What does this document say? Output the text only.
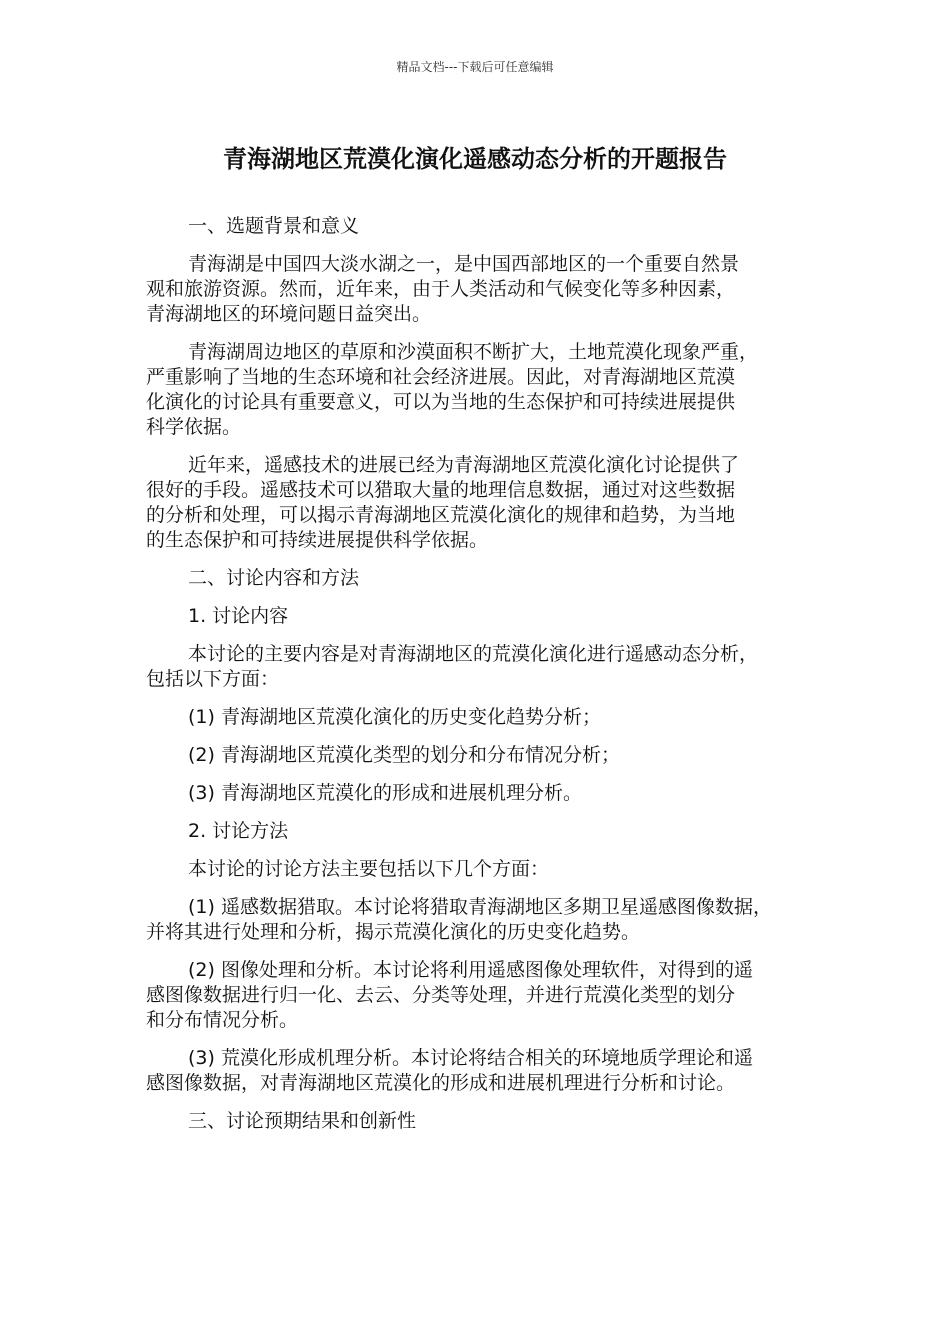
精品文档---下载后可任意编辑
青海湖地区荒漠化演化遥感动态分析的开题报告

一、选题背景和意义

青海湖是中国四大淡水湖之一，是中国西部地区的一个重要自然景
观和旅游资源。然而，近年来，由于人类活动和气候变化等多种因素，
青海湖地区的环境问题日益突出。

青海湖周边地区的草原和沙漠面积不断扩大，土地荒漠化现象严重，
严重影响了当地的生态环境和社会经济进展。因此，对青海湖地区荒漠
化演化的讨论具有重要意义，可以为当地的生态保护和可持续进展提供
科学依据。

近年来，遥感技术的进展已经为青海湖地区荒漠化演化讨论提供了
很好的手段。遥感技术可以猎取大量的地理信息数据，通过对这些数据
的分析和处理，可以揭示青海湖地区荒漠化演化的规律和趋势，为当地
的生态保护和可持续进展提供科学依据。

二、讨论内容和方法

1. 讨论内容

本讨论的主要内容是对青海湖地区的荒漠化演化进行遥感动态分析，
包括以下方面：

(1) 青海湖地区荒漠化演化的历史变化趋势分析；

(2) 青海湖地区荒漠化类型的划分和分布情况分析；

(3) 青海湖地区荒漠化的形成和进展机理分析。

2. 讨论方法

本讨论的讨论方法主要包括以下几个方面：

(1) 遥感数据猎取。本讨论将猎取青海湖地区多期卫星遥感图像数据，
并将其进行处理和分析，揭示荒漠化演化的历史变化趋势。

(2) 图像处理和分析。本讨论将利用遥感图像处理软件，对得到的遥
感图像数据进行归一化、去云、分类等处理，并进行荒漠化类型的划分
和分布情况分析。

(3) 荒漠化形成机理分析。本讨论将结合相关的环境地质学理论和遥
感图像数据，对青海湖地区荒漠化的形成和进展机理进行分析和讨论。

三、讨论预期结果和创新性
